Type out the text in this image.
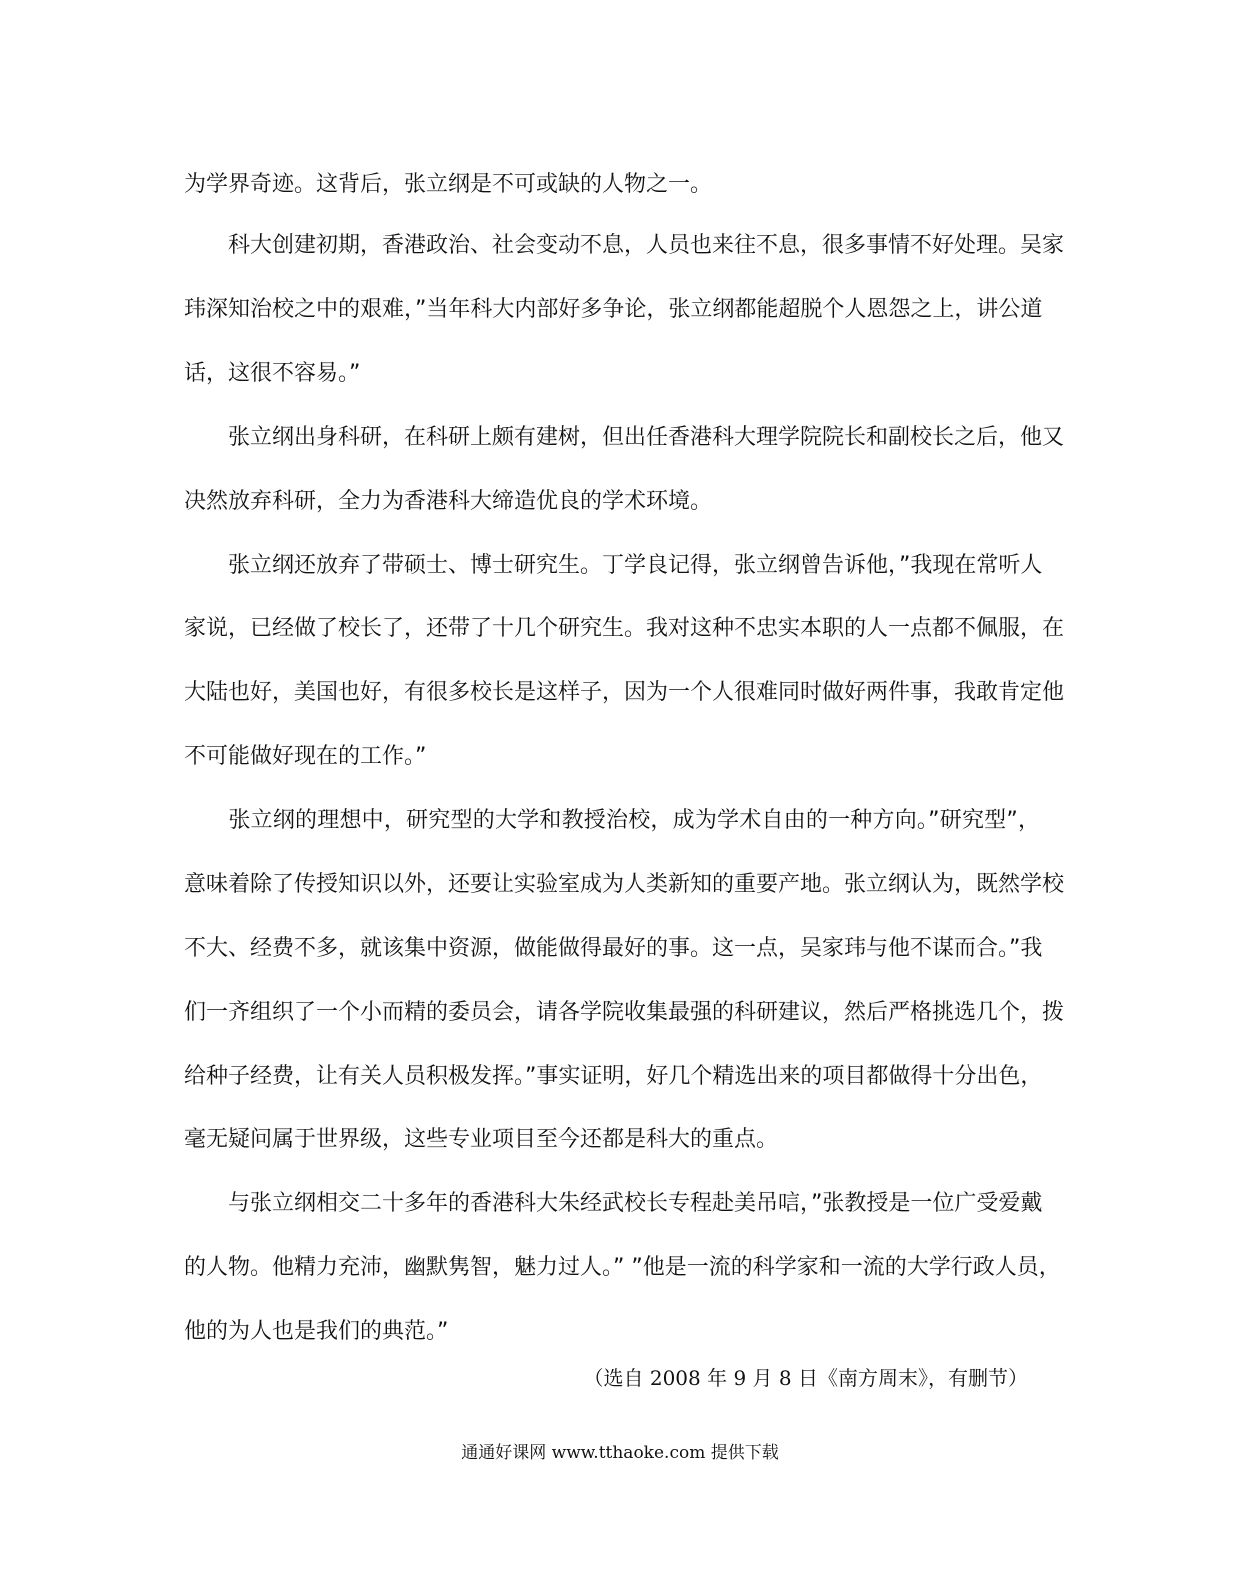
为学界奇迹。这背后，张立纲是不可或缺的人物之一。
　　科大创建初期，香港政治、社会变动不息，人员也来往不息，很多事情不好处理。吴家
玮深知治校之中的艰难，”当年科大内部好多争论，张立纲都能超脱个人恩怨之上，讲公道
话，这很不容易。”
　　张立纲出身科研，在科研上颇有建树，但出任香港科大理学院院长和副校长之后，他又
决然放弃科研，全力为香港科大缔造优良的学术环境。
　　张立纲还放弃了带硕士、博士研究生。丁学良记得，张立纲曾告诉他，”我现在常听人
家说，已经做了校长了，还带了十几个研究生。我对这种不忠实本职的人一点都不佩服，在
大陆也好，美国也好，有很多校长是这样子，因为一个人很难同时做好两件事，我敢肯定他
不可能做好现在的工作。”
　　张立纲的理想中，研究型的大学和教授治校，成为学术自由的一种方向。”研究型”，
意味着除了传授知识以外，还要让实验室成为人类新知的重要产地。张立纲认为，既然学校
不大、经费不多，就该集中资源，做能做得最好的事。这一点，吴家玮与他不谋而合。”我
们一齐组织了一个小而精的委员会，请各学院收集最强的科研建议，然后严格挑选几个，拨
给种子经费，让有关人员积极发挥。”事实证明，好几个精选出来的项目都做得十分出色，
毫无疑问属于世界级，这些专业项目至今还都是科大的重点。
　　与张立纲相交二十多年的香港科大朱经武校长专程赴美吊唁，”张教授是一位广受爱戴
的人物。他精力充沛，幽默隽智，魅力过人。” ”他是一流的科学家和一流的大学行政人员，
他的为人也是我们的典范。”
（选自 2008 年 9 月 8 日《南方周末》，有删节）
通通好课网 www.tthaoke.com 提供下载
